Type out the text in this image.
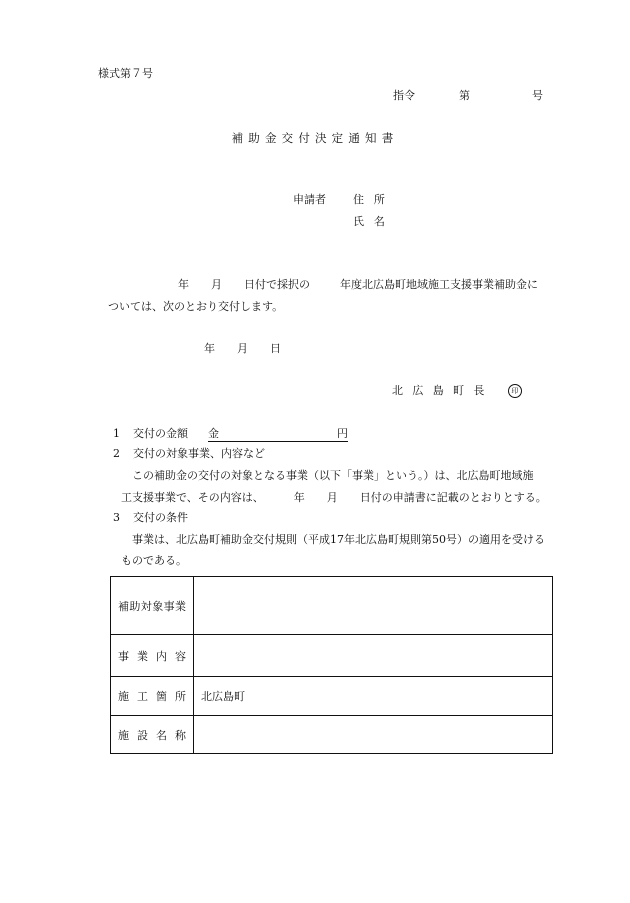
様式第７号
指令	第	号
補助金交付決定通知書
申請者 住所
氏名
年 月 日付で採択の	年度北広島町地域施工支援事業補助金に
ついては、次のとおり交付します。
年 月 日
北広島町長	印
1 交付の金額 金	円
2 交付の対象事業、内容など
この補助金の交付の対象となる事業（以下「事業」という。）は、北広島町地域施
工支援事業で、その内容は、	年 月 日付の申請書に記載のとおりとする。
3 交付の条件
事業は、北広島町補助金交付規則（平成17年北広島町規則第50号）の適用を受ける
ものである。
補助対象事業	

事業内容	

施工箇所	北広島町

施設名称	
